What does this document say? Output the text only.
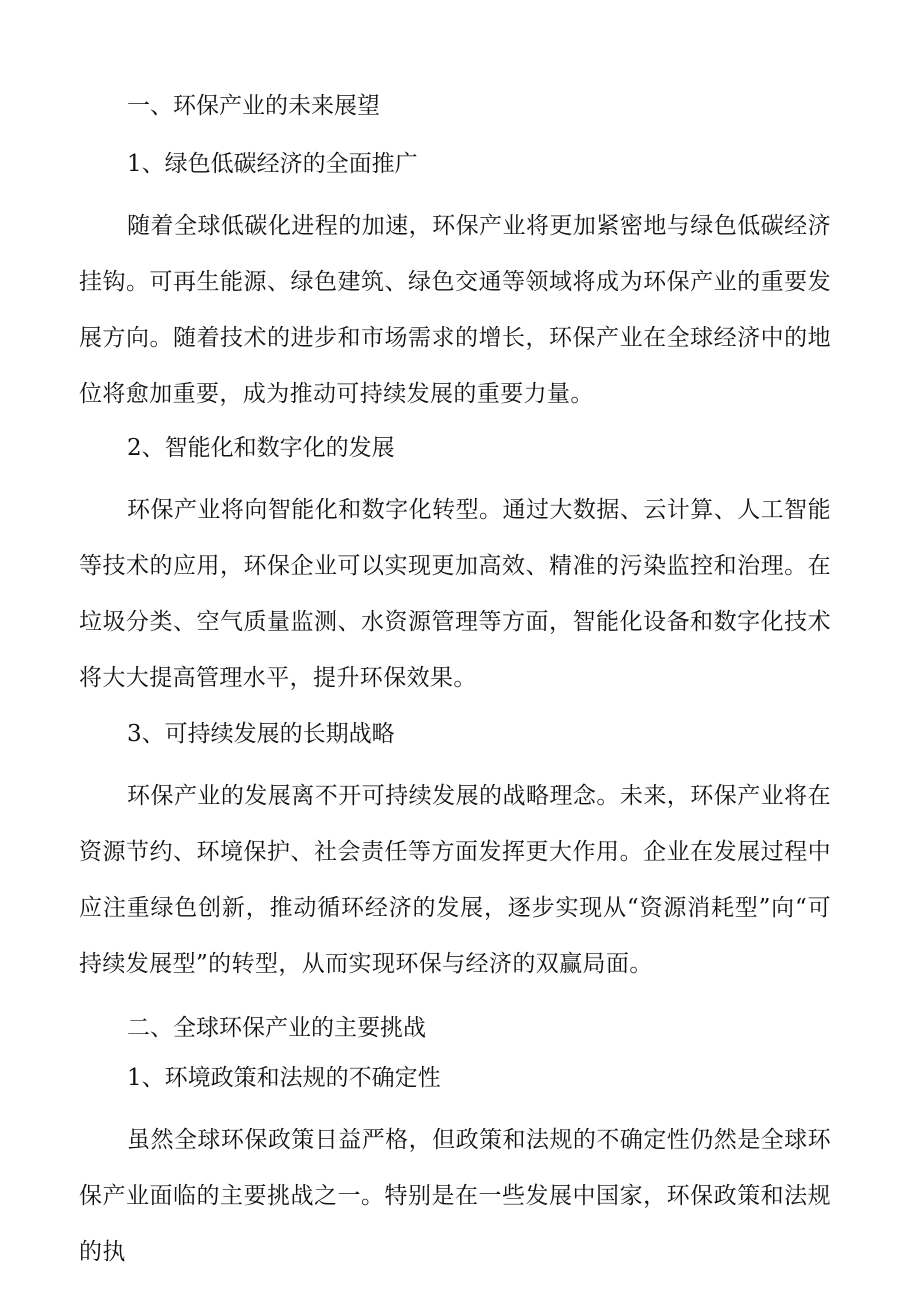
一、环保产业的未来展望

1、绿色低碳经济的全面推广

随着全球低碳化进程的加速，环保产业将更加紧密地与绿色低碳经济挂钩。可再生能源、绿色建筑、绿色交通等领域将成为环保产业的重要发展方向。随着技术的进步和市场需求的增长，环保产业在全球经济中的地位将愈加重要，成为推动可持续发展的重要力量。

2、智能化和数字化的发展

环保产业将向智能化和数字化转型。通过大数据、云计算、人工智能等技术的应用，环保企业可以实现更加高效、精准的污染监控和治理。在垃圾分类、空气质量监测、水资源管理等方面，智能化设备和数字化技术将大大提高管理水平，提升环保效果。

3、可持续发展的长期战略

环保产业的发展离不开可持续发展的战略理念。未来，环保产业将在资源节约、环境保护、社会责任等方面发挥更大作用。企业在发展过程中应注重绿色创新，推动循环经济的发展，逐步实现从“资源消耗型”向“可持续发展型”的转型，从而实现环保与经济的双赢局面。

二、全球环保产业的主要挑战

1、环境政策和法规的不确定性

虽然全球环保政策日益严格，但政策和法规的不确定性仍然是全球环保产业面临的主要挑战之一。特别是在一些发展中国家，环保政策和法规的执
